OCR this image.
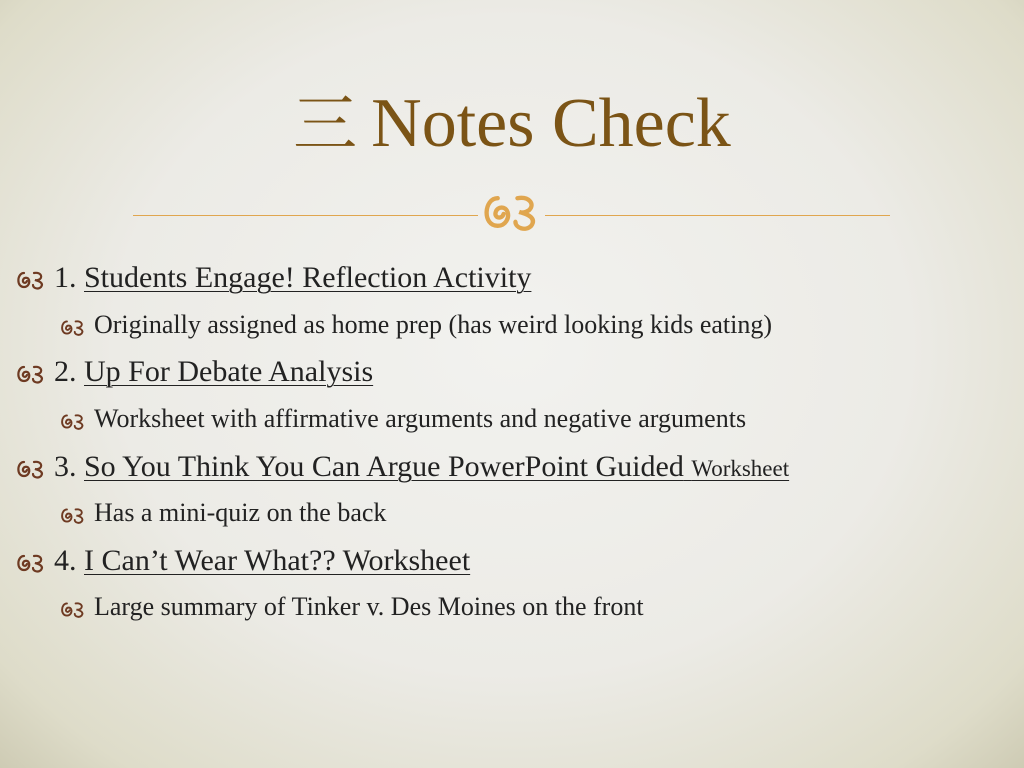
三 Notes Check
1. Students Engage! Reflection Activity
Originally assigned as home prep (has weird looking kids eating)
2. Up For Debate Analysis
Worksheet with affirmative arguments and negative arguments
3. So You Think You Can Argue PowerPoint Guided Worksheet
Has a mini-quiz on the back
4. I Can’t Wear What?? Worksheet
Large summary of Tinker v. Des Moines on the front
